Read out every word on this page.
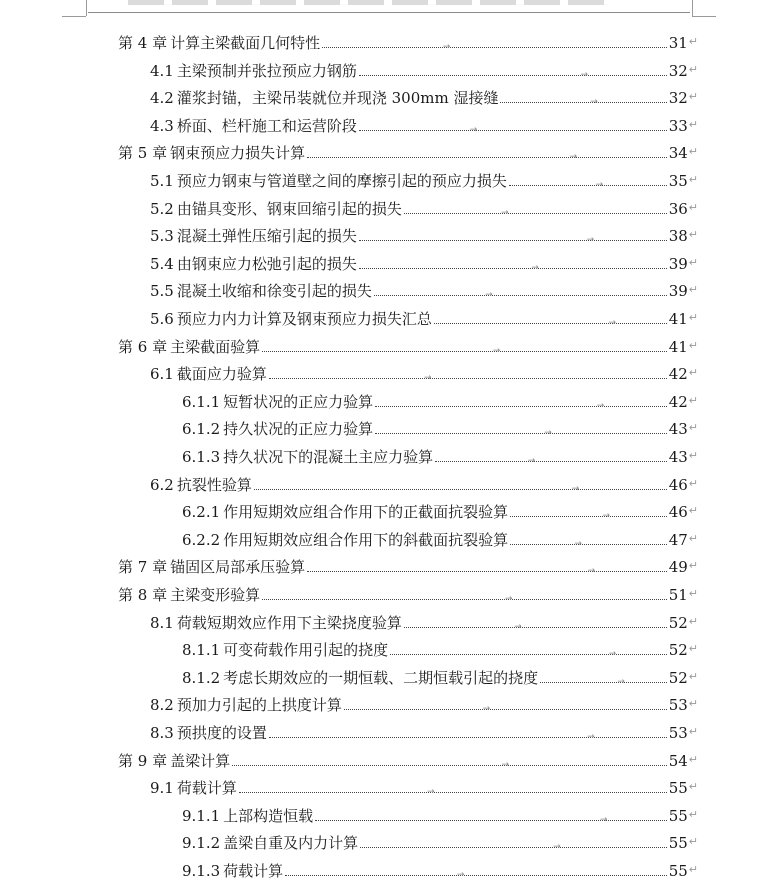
第 4 章 计算主梁截面几何特性	→	31 ↵
4.1 主梁预制并张拉预应力钢筋	→	32 ↵
4.2 灌浆封锚，主梁吊装就位并现浇 300mm 湿接缝	→	32 ↵
4.3 桥面、栏杆施工和运营阶段	→	33 ↵
第 5 章 钢束预应力损失计算	→	34 ↵
5.1 预应力钢束与管道壁之间的摩擦引起的预应力损失	→	35 ↵
5.2 由锚具变形、钢束回缩引起的损失	→	36 ↵
5.3 混凝土弹性压缩引起的损失	→	38 ↵
5.4 由钢束应力松弛引起的损失	→	39 ↵
5.5 混凝土收缩和徐变引起的损失	→	39 ↵
5.6 预应力内力计算及钢束预应力损失汇总	→	41 ↵
第 6 章 主梁截面验算	→	41 ↵
6.1 截面应力验算	→	42 ↵
6.1.1 短暂状况的正应力验算	→	42 ↵
6.1.2 持久状况的正应力验算	→	43 ↵
6.1.3 持久状况下的混凝土主应力验算	→	43 ↵
6.2 抗裂性验算	→	46 ↵
6.2.1 作用短期效应组合作用下的正截面抗裂验算	→	46 ↵
6.2.2 作用短期效应组合作用下的斜截面抗裂验算	→	47 ↵
第 7 章 锚固区局部承压验算	→	49 ↵
第 8 章 主梁变形验算	→	51 ↵
8.1 荷载短期效应作用下主梁挠度验算	→	52 ↵
8.1.1 可变荷载作用引起的挠度	→	52 ↵
8.1.2 考虑长期效应的一期恒载、二期恒载引起的挠度	→	52 ↵
8.2 预加力引起的上拱度计算	→	53 ↵
8.3 预拱度的设置	→	53 ↵
第 9 章 盖梁计算	→	54 ↵
9.1 荷载计算	→	55 ↵
9.1.1 上部构造恒载	→	55 ↵
9.1.2 盖梁自重及内力计算	→	55 ↵
9.1.3 荷载计算	→	55 ↵
